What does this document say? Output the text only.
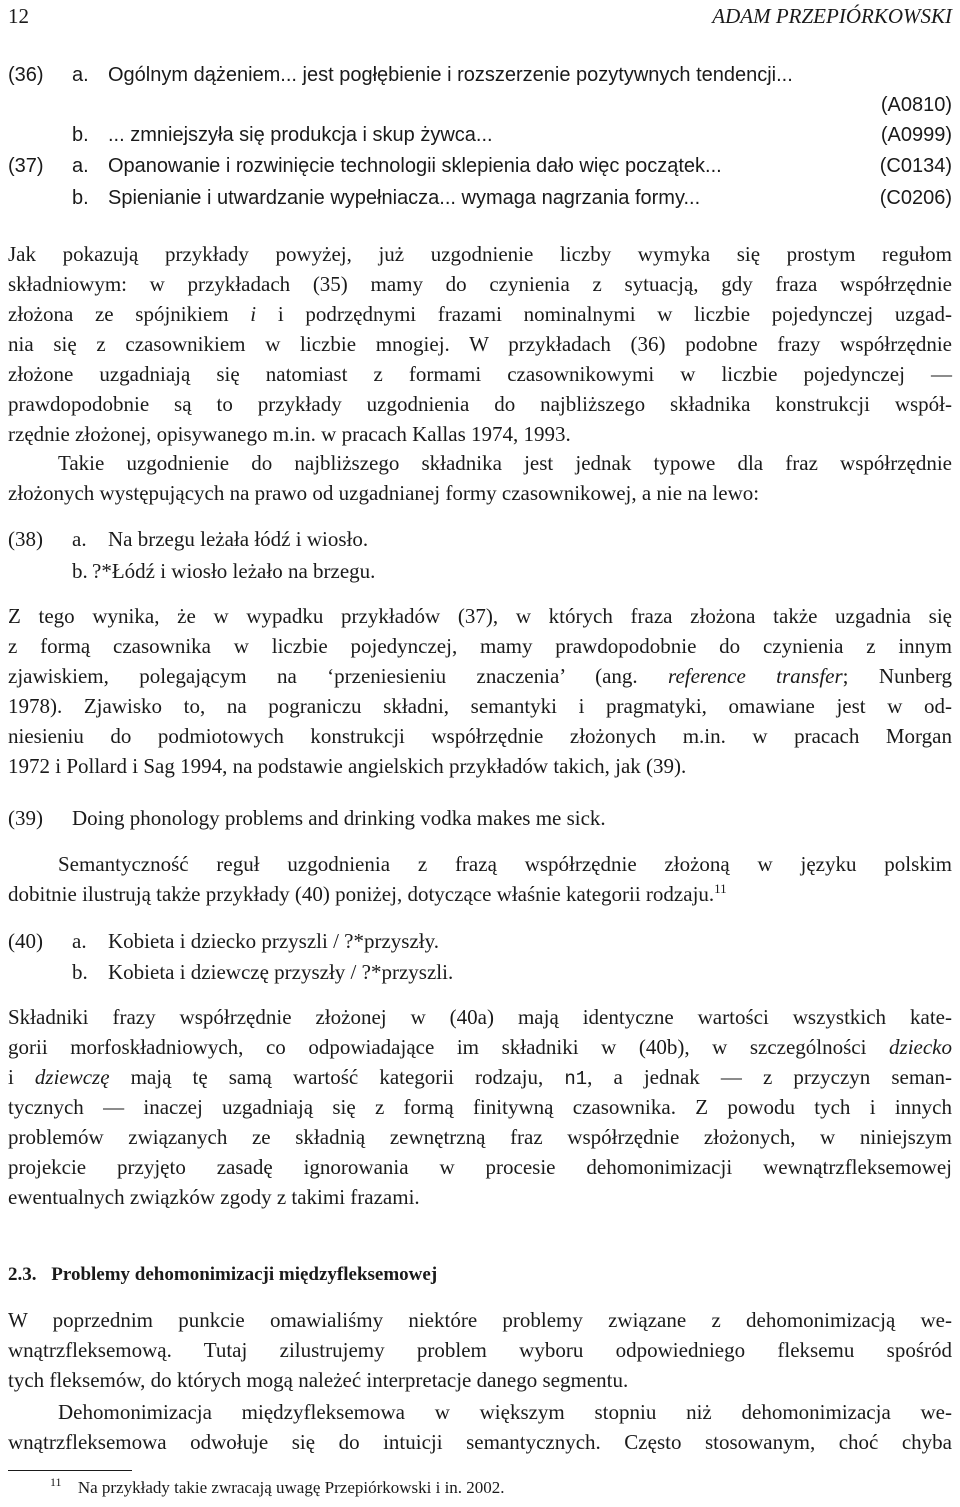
12	ADAM PRZEPIÓRKOWSKI
(36) a. Ogólnym dążeniem... jest pogłębienie i rozszerzenie pozytywnych tendencji...
(A0810)
b. ... zmniejszyła się produkcja i skup żywca...	(A0999)
(37) a. Opanowanie i rozwinięcie technologii sklepienia dało więc początek...	(C0134)
b. Spienianie i utwardzanie wypełniacza... wymaga nagrzania formy...	(C0206)
Jak pokazują przykłady powyżej, już uzgodnienie liczby wymyka się prostym regułom
składniowym: w przykładach (35) mamy do czynienia z sytuacją, gdy fraza współrzędnie
złożona ze spójnikiem i i podrzędnymi frazami nominalnymi w liczbie pojedynczej uzgad-
nia się z czasownikiem w liczbie mnogiej. W przykładach (36) podobne frazy współrzędnie
złożone uzgadniają się natomiast z formami czasownikowymi w liczbie pojedynczej —
prawdopodobnie są to przykłady uzgodnienia do najbliższego składnika konstrukcji współ-
rzędnie złożonej, opisywanego m.in. w pracach Kallas 1974, 1993.
Takie uzgodnienie do najbliższego składnika jest jednak typowe dla fraz współrzędnie
złożonych występujących na prawo od uzgadnianej formy czasownikowej, a nie na lewo:
(38) a. Na brzegu leżała łódź i wiosło.
b. ?*Łódź i wiosło leżało na brzegu.
Z tego wynika, że w wypadku przykładów (37), w których fraza złożona także uzgadnia się
z formą czasownika w liczbie pojedynczej, mamy prawdopodobnie do czynienia z innym
zjawiskiem, polegającym na ‘przeniesieniu znaczenia’ (ang. reference transfer; Nunberg
1978). Zjawisko to, na pograniczu składni, semantyki i pragmatyki, omawiane jest w od-
niesieniu do podmiotowych konstrukcji współrzędnie złożonych m.in. w pracach Morgan
1972 i Pollard i Sag 1994, na podstawie angielskich przykładów takich, jak (39).
(39) Doing phonology problems and drinking vodka makes me sick.
Semantyczność reguł uzgodnienia z frazą współrzędnie złożoną w języku polskim
dobitnie ilustrują także przykłady (40) poniżej, dotyczące właśnie kategorii rodzaju.$^{11}$
(40) a. Kobieta i dziecko przyszli / ?*przyszły.
b. Kobieta i dziewczę przyszły / ?*przyszli.
Składniki frazy współrzędnie złożonej w (40a) mają identyczne wartości wszystkich kate-
gorii morfoskładniowych, co odpowiadające im składniki w (40b), w szczególności dziecko
i dziewczę mają tę samą wartość kategorii rodzaju, n1, a jednak — z przyczyn seman-
tycznych — inaczej uzgadniają się z formą finitywną czasownika. Z powodu tych i innych
problemów związanych ze składnią zewnętrzną fraz współrzędnie złożonych, w niniejszym
projekcie przyjęto zasadę ignorowania w procesie dehomonimizacji wewnątrzfleksemowej
ewentualnych związków zgody z takimi frazami.
2.3. Problemy dehomonimizacji międzyfleksemowej
W poprzednim punkcie omawialiśmy niektóre problemy związane z dehomonimizacją we-
wnątrzfleksemową. Tutaj zilustrujemy problem wyboru odpowiedniego fleksemu spośród
tych fleksemów, do których mogą należeć interpretacje danego segmentu.
Dehomonimizacja międzyfleksemowa w większym stopniu niż dehomonimizacja we-
wnątrzfleksemowa odwołuje się do intuicji semantycznych. Często stosowanym, choć chyba
$^{11}$ Na przykłady takie zwracają uwagę Przepiórkowski i in. 2002.
